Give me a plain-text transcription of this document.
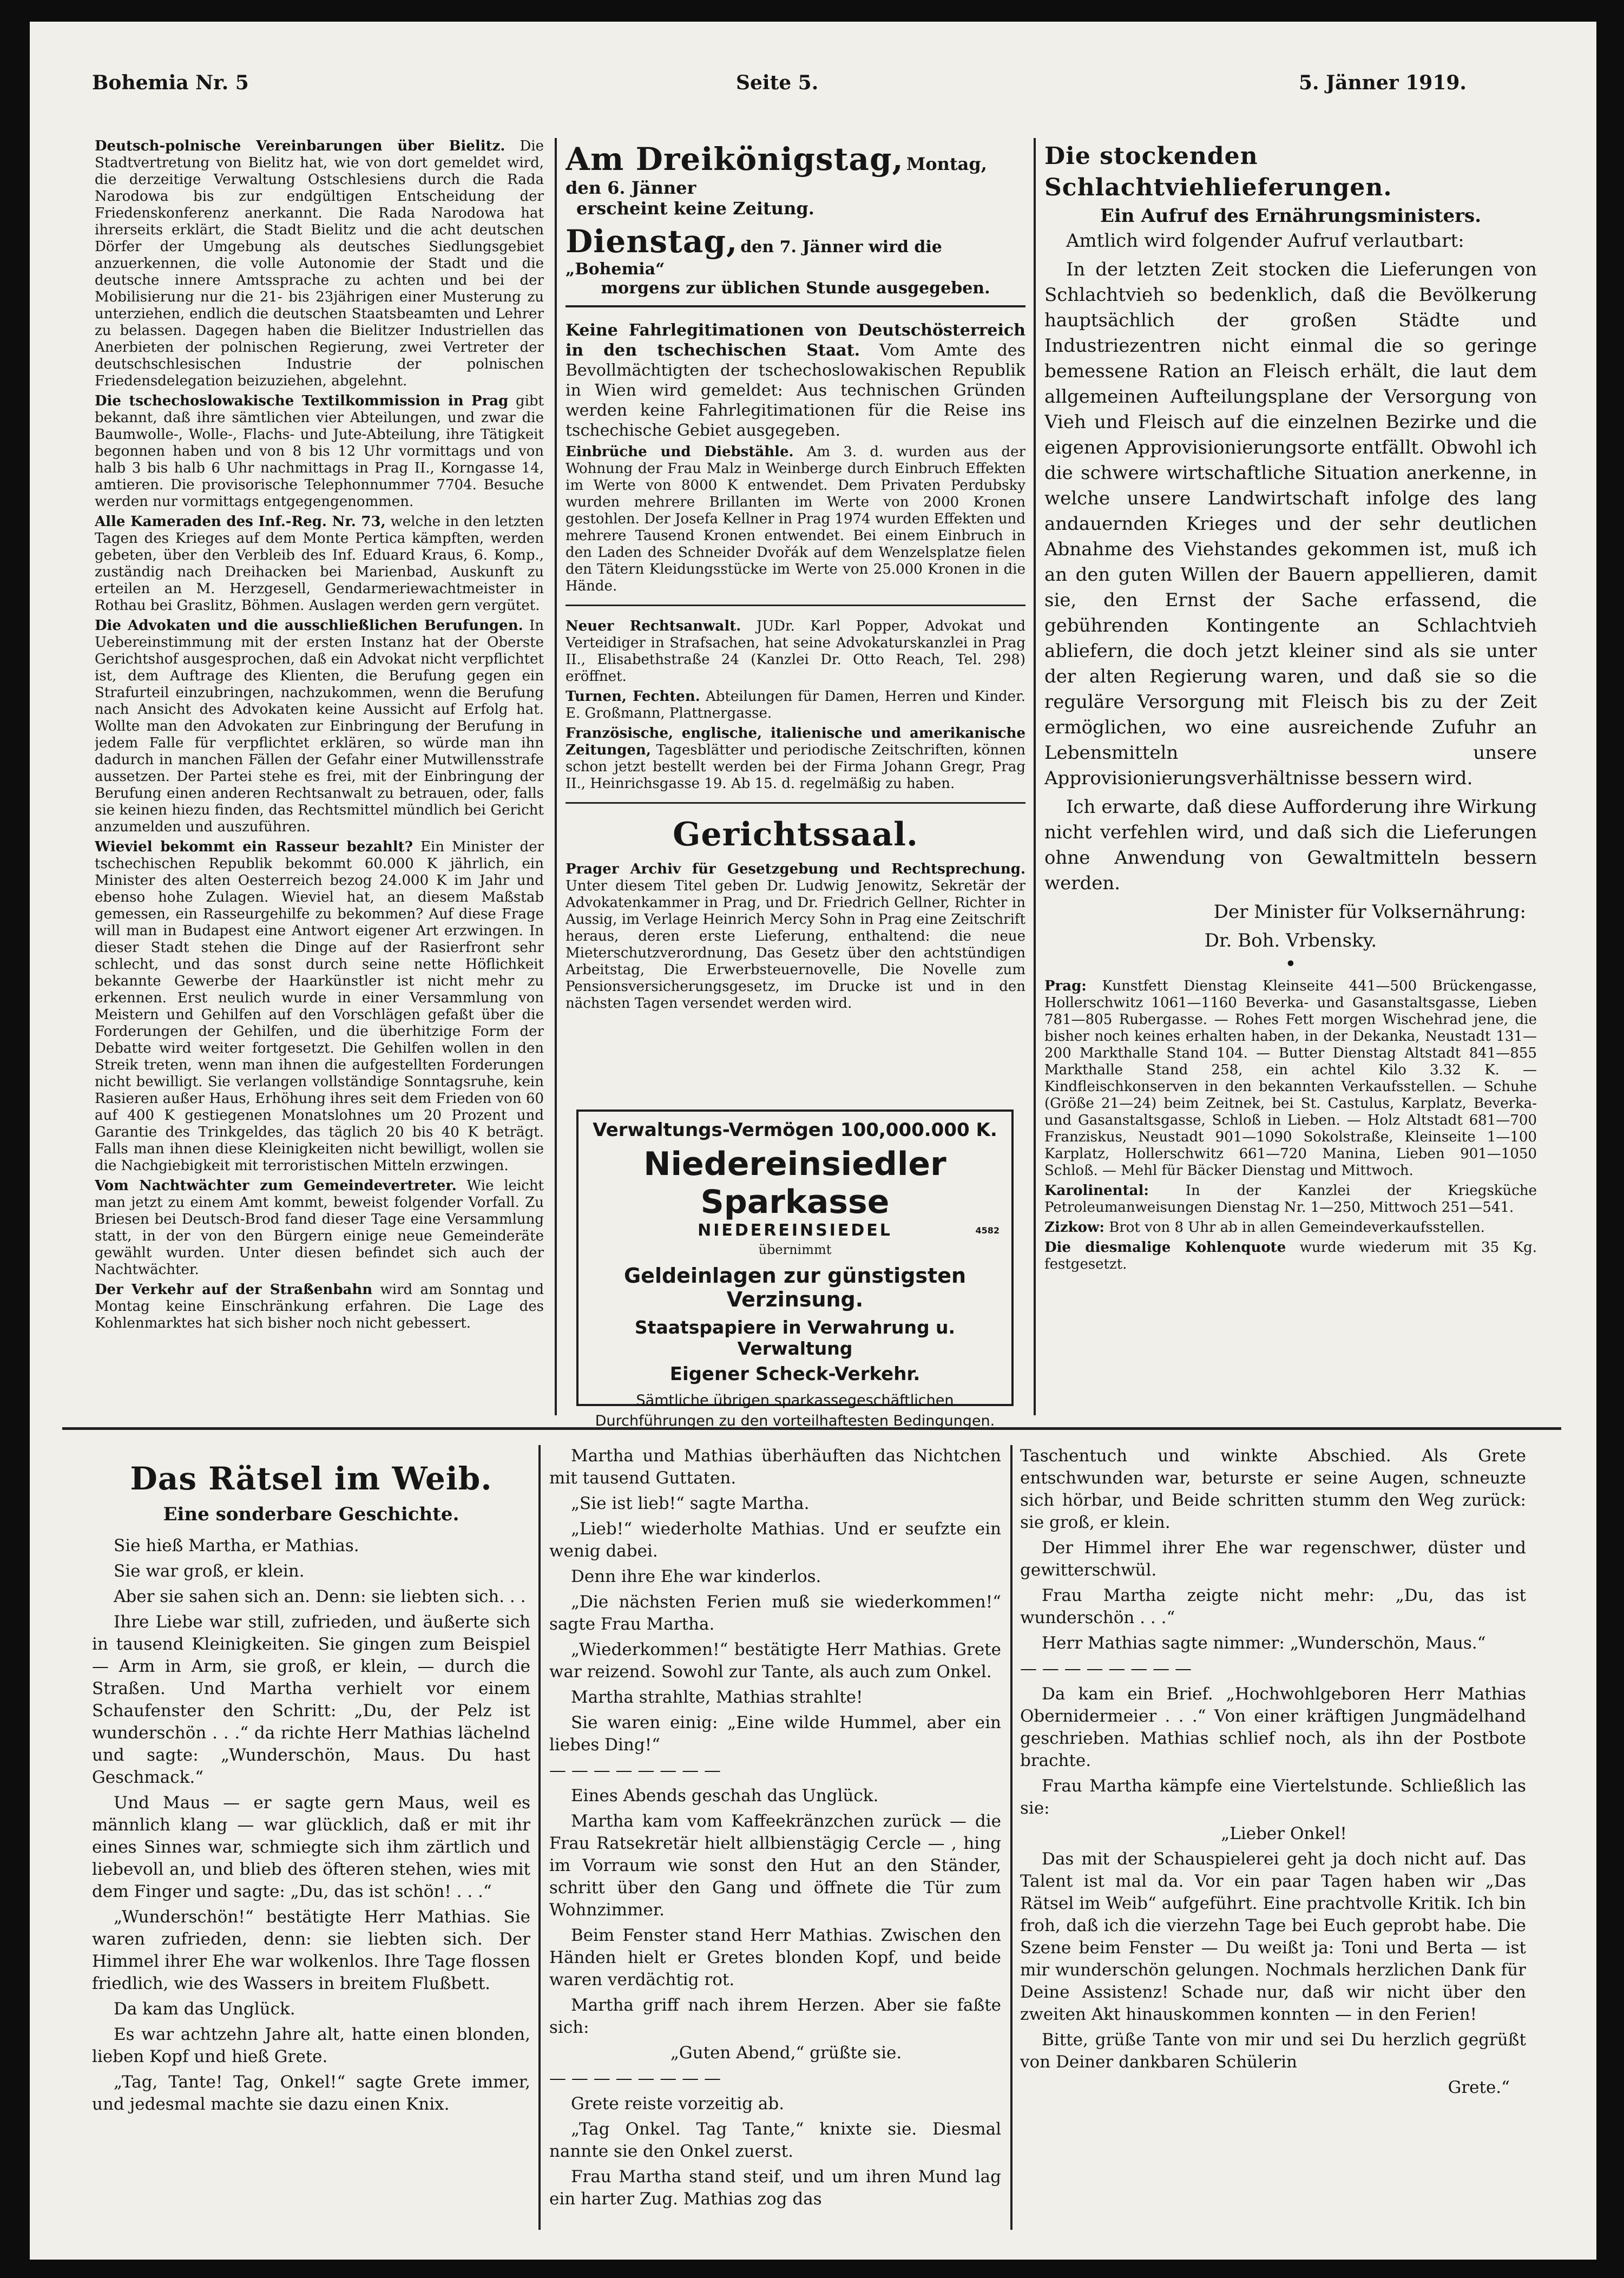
Bohemia Nr. 5	Seite 5.	5. Jänner 1919.

Deutsch-polnische Vereinbarungen über Bielitz. Die Stadtvertretung von Bielitz hat, wie von dort gemeldet wird, die derzeitige Verwaltung Ostschlesiens durch die Rada Narodowa bis zur endgültigen Entscheidung der Friedenskonferenz anerkannt. Die Rada Narodowa hat ihrerseits erklärt, die Stadt Bielitz und die acht deutschen Dörfer der Umgebung als deutsches Siedlungsgebiet anzuerkennen, die volle Autonomie der Stadt und die deutsche innere Amtssprache zu achten und bei der Mobilisierung nur die 21- bis 23jährigen einer Musterung zu unterziehen, endlich die deutschen Staatsbeamten und Lehrer zu belassen. Dagegen haben die Bielitzer Industriellen das Anerbieten der polnischen Regierung, zwei Vertreter der deutschschlesischen Industrie der polnischen Friedensdelegation beizuziehen, abgelehnt.

Die tschechoslowakische Textilkommission in Prag gibt bekannt, daß ihre sämtlichen vier Abteilungen, und zwar die Baumwolle-, Wolle-, Flachs- und Jute-Abteilung, ihre Tätigkeit begonnen haben und von 8 bis 12 Uhr vormittags und von halb 3 bis halb 6 Uhr nachmittags in Prag II., Korngasse 14, amtieren. Die provisorische Telephonnummer 7704. Besuche werden nur vormittags entgegengenommen.

Alle Kameraden des Inf.-Reg. Nr. 73, welche in den letzten Tagen des Krieges auf dem Monte Pertica kämpften, werden gebeten, über den Verbleib des Inf. Eduard Kraus, 6. Komp., zuständig nach Dreihacken bei Marienbad, Auskunft zu erteilen an M. Herzgesell, Gendarmeriewachtmeister in Rothau bei Graslitz, Böhmen. Auslagen werden gern vergütet.

Die Advokaten und die ausschließlichen Berufungen. In Uebereinstimmung mit der ersten Instanz hat der Oberste Gerichtshof ausgesprochen, daß ein Advokat nicht verpflichtet ist, dem Auftrage des Klienten, die Berufung gegen ein Strafurteil einzubringen, nachzukommen, wenn die Berufung nach Ansicht des Advokaten keine Aussicht auf Erfolg hat. Wollte man den Advokaten zur Einbringung der Berufung in jedem Falle für verpflichtet erklären, so würde man ihn dadurch in manchen Fällen der Gefahr einer Mutwillensstrafe aussetzen. Der Partei stehe es frei, mit der Einbringung der Berufung einen anderen Rechtsanwalt zu betrauen, oder, falls sie keinen hiezu finden, das Rechtsmittel mündlich bei Gericht anzumelden und auszuführen.

Wieviel bekommt ein Rasseur bezahlt? Ein Minister der tschechischen Republik bekommt 60.000 K jährlich, ein Minister des alten Oesterreich bezog 24.000 K im Jahr und ebenso hohe Zulagen. Wieviel hat, an diesem Maßstab gemessen, ein Rasseurgehilfe zu bekommen? Auf diese Frage will man in Budapest eine Antwort eigener Art erzwingen. In dieser Stadt stehen die Dinge auf der Rasierfront sehr schlecht, und das sonst durch seine nette Höflichkeit bekannte Gewerbe der Haarkünstler ist nicht mehr zu erkennen. Erst neulich wurde in einer Versammlung von Meistern und Gehilfen auf den Vorschlägen gefaßt über die Forderungen der Gehilfen, und die überhitzige Form der Debatte wird weiter fortgesetzt. Die Gehilfen wollen in den Streik treten, wenn man ihnen die aufgestellten Forderungen nicht bewilligt. Sie verlangen vollständige Sonntagsruhe, kein Rasieren außer Haus, Erhöhung ihres seit dem Frieden von 60 auf 400 K gestiegenen Monatslohnes um 20 Prozent und Garantie des Trinkgeldes, das täglich 20 bis 40 K beträgt. Falls man ihnen diese Kleinigkeiten nicht bewilligt, wollen sie die Nachgiebigkeit mit terroristischen Mitteln erzwingen.

Vom Nachtwächter zum Gemeindevertreter. Wie leicht man jetzt zu einem Amt kommt, beweist folgender Vorfall. Zu Briesen bei Deutsch-Brod fand dieser Tage eine Versammlung statt, in der von den Bürgern einige neue Gemeinderäte gewählt wurden. Unter diesen befindet sich auch der Nachtwächter.

Der Verkehr auf der Straßenbahn wird am Sonntag und Montag keine Einschränkung erfahren. Die Lage des Kohlenmarktes hat sich bisher noch nicht gebessert.

Am Dreikönigstag, Montag, den 6. Jänner
erscheint keine Zeitung.
Dienstag, den 7. Jänner wird die „Bohemia“
morgens zur üblichen Stunde ausgegeben.

Keine Fahrlegitimationen von Deutschösterreich in den tschechischen Staat. Vom Amte des Bevollmächtigten der tschechoslowakischen Republik in Wien wird gemeldet: Aus technischen Gründen werden keine Fahrlegitimationen für die Reise ins tschechische Gebiet ausgegeben.

Einbrüche und Diebstähle. Am 3. d. wurden aus der Wohnung der Frau Malz in Weinberge durch Einbruch Effekten im Werte von 8000 K entwendet. Dem Privaten Perdubsky wurden mehrere Brillanten im Werte von 2000 Kronen gestohlen. Der Josefa Kellner in Prag 1974 wurden Effekten und mehrere Tausend Kronen entwendet. Bei einem Einbruch in den Laden des Schneider Dvořák auf dem Wenzelsplatze fielen den Tätern Kleidungsstücke im Werte von 25.000 Kronen in die Hände.

Neuer Rechtsanwalt. JUDr. Karl Popper, Advokat und Verteidiger in Strafsachen, hat seine Advokaturskanzlei in Prag II., Elisabethstraße 24 (Kanzlei Dr. Otto Reach, Tel. 298) eröffnet.

Turnen, Fechten. Abteilungen für Damen, Herren und Kinder. E. Großmann, Plattnergasse.

Französische, englische, italienische und amerikanische Zeitungen, Tagesblätter und periodische Zeitschriften, können schon jetzt bestellt werden bei der Firma Johann Gregr, Prag II., Heinrichsgasse 19. Ab 15. d. regelmäßig zu haben.

Gerichtssaal.

Prager Archiv für Gesetzgebung und Rechtsprechung. Unter diesem Titel geben Dr. Ludwig Jenowitz, Sekretär der Advokatenkammer in Prag, und Dr. Friedrich Gellner, Richter in Aussig, im Verlage Heinrich Mercy Sohn in Prag eine Zeitschrift heraus, deren erste Lieferung, enthaltend: die neue Mieterschutzverordnung, Das Gesetz über den achtstündigen Arbeitstag, Die Erwerbsteuernovelle, Die Novelle zum Pensionsversicherungsgesetz, im Drucke ist und in den nächsten Tagen versendet werden wird.

Verwaltungs-Vermögen 100,000.000 K.
Niedereinsiedler Sparkasse
NIEDEREINSIEDEL	4582
übernimmt
Geldeinlagen zur günstigsten Verzinsung.
Staatspapiere in Verwahrung u. Verwaltung
Eigener Scheck-Verkehr.
Sämtliche übrigen sparkassegeschäftlichen Durchführungen zu den vorteilhaftesten Bedingungen.
Die stockenden Schlachtviehlieferungen.
Ein Aufruf des Ernährungsministers.

Amtlich wird folgender Aufruf verlautbart:

In der letzten Zeit stocken die Lieferungen von Schlachtvieh so bedenklich, daß die Bevölkerung hauptsächlich der großen Städte und Industriezentren nicht einmal die so geringe bemessene Ration an Fleisch erhält, die laut dem allgemeinen Aufteilungsplane der Versorgung von Vieh und Fleisch auf die einzelnen Bezirke und die eigenen Approvisionierungsorte entfällt. Obwohl ich die schwere wirtschaftliche Situation anerkenne, in welche unsere Landwirtschaft infolge des lang andauernden Krieges und der sehr deutlichen Abnahme des Viehstandes gekommen ist, muß ich an den guten Willen der Bauern appellieren, damit sie, den Ernst der Sache erfassend, die gebührenden Kontingente an Schlachtvieh abliefern, die doch jetzt kleiner sind als sie unter der alten Regierung waren, und daß sie so die reguläre Versorgung mit Fleisch bis zu der Zeit ermöglichen, wo eine ausreichende Zufuhr an Lebensmitteln unsere Approvisionierungsverhältnisse bessern wird.

Ich erwarte, daß diese Aufforderung ihre Wirkung nicht verfehlen wird, und daß sich die Lieferungen ohne Anwendung von Gewaltmitteln bessern werden.

Der Minister für Volksernährung:

Dr. Boh. Vrbensky.

•

Prag: Kunstfett Dienstag Kleinseite 441—500 Brückengasse, Hollerschwitz 1061—1160 Beverka- und Gasanstaltsgasse, Lieben 781—805 Rubergasse. — Rohes Fett morgen Wischehrad jene, die bisher noch keines erhalten haben, in der Dekanka, Neustadt 131—200 Markthalle Stand 104. — Butter Dienstag Altstadt 841—855 Markthalle Stand 258, ein achtel Kilo 3.32 K. — Kindfleischkonserven in den bekannten Verkaufsstellen. — Schuhe (Größe 21—24) beim Zeitnek, bei St. Castulus, Karplatz, Beverka- und Gasanstaltsgasse, Schloß in Lieben. — Holz Altstadt 681—700 Franziskus, Neustadt 901—1090 Sokolstraße, Kleinseite 1—100 Karplatz, Hollerschwitz 661—720 Manina, Lieben 901—1050 Schloß. — Mehl für Bäcker Dienstag und Mittwoch.

Karolinental:	In der Kanzlei der Kriegsküche Petroleumanweisungen Dienstag Nr. 1—250, Mittwoch 251—541.

Zizkow: Brot von 8 Uhr ab in allen Gemeindeverkaufsstellen.

Die diesmalige Kohlenquote wurde wiederum mit 35 Kg. festgesetzt.

Das Rätsel im Weib.
Eine sonderbare Geschichte.

Sie hieß Martha, er Mathias.

Sie war groß, er klein.

Aber sie sahen sich an. Denn: sie liebten sich. . .

Ihre Liebe war still, zufrieden, und äußerte sich in tausend Kleinigkeiten. Sie gingen zum Beispiel — Arm in Arm, sie groß, er klein, — durch die Straßen. Und Martha verhielt vor einem Schaufenster den Schritt: „Du, der Pelz ist wunderschön . . .“ da richte Herr Mathias lächelnd und sagte: „Wunderschön, Maus. Du hast Geschmack.“

Und Maus — er sagte gern Maus, weil es männlich klang — war glücklich, daß er mit ihr eines Sinnes war, schmiegte sich ihm zärtlich und liebevoll an, und blieb des öfteren stehen, wies mit dem Finger und sagte: „Du, das ist schön! . . .“

„Wunderschön!“ bestätigte Herr Mathias. Sie waren zufrieden, denn: sie liebten sich. Der Himmel ihrer Ehe war wolkenlos. Ihre Tage flossen friedlich, wie des Wassers in breitem Flußbett.

Da kam das Unglück.

Es war achtzehn Jahre alt, hatte einen blonden, lieben Kopf und hieß Grete.

„Tag, Tante! Tag, Onkel!“ sagte Grete immer, und jedesmal machte sie dazu einen Knix.

Martha und Mathias überhäuften das Nichtchen mit tausend Guttaten.

„Sie ist lieb!“ sagte Martha.

„Lieb!“ wiederholte Mathias. Und er seufzte ein wenig dabei.

Denn ihre Ehe war kinderlos.

„Die nächsten Ferien muß sie wiederkommen!“ sagte Frau Martha.

„Wiederkommen!“ bestätigte Herr Mathias. Grete war reizend. Sowohl zur Tante, als auch zum Onkel.

Martha strahlte, Mathias strahlte!

Sie waren einig: „Eine wilde Hummel, aber ein liebes Ding!“

— — — — — — — —

Eines Abends geschah das Unglück.

Martha kam vom Kaffeekränzchen zurück — die Frau Ratsekretär hielt allbienstägig Cercle — , hing im Vorraum wie sonst den Hut an den Ständer, schritt über den Gang und öffnete die Tür zum Wohnzimmer.

Beim Fenster stand Herr Mathias. Zwischen den Händen hielt er Gretes blonden Kopf, und beide waren verdächtig rot.

Martha griff nach ihrem Herzen. Aber sie faßte sich:

„Guten Abend,“ grüßte sie.

— — — — — — — —

Grete reiste vorzeitig ab.

„Tag Onkel. Tag Tante,“ knixte sie. Diesmal nannte sie den Onkel zuerst.

Frau Martha stand steif, und um ihren Mund lag ein harter Zug. Mathias zog das

Taschentuch und winkte Abschied. Als Grete entschwunden war, beturste er seine Augen, schneuzte sich hörbar, und Beide schritten stumm den Weg zurück: sie groß, er klein.

Der Himmel ihrer Ehe war regenschwer, düster und gewitterschwül.

Frau Martha zeigte nicht mehr: „Du, das ist wunderschön . . .“

Herr Mathias sagte nimmer: „Wunderschön, Maus.“

— — — — — — — —

Da kam ein Brief. „Hochwohlgeboren Herr Mathias Obernidermeier . . .“ Von einer kräftigen Jungmädelhand geschrieben. Mathias schlief noch, als ihn der Postbote brachte.

Frau Martha kämpfe eine Viertelstunde. Schließlich las sie:

„Lieber Onkel!

Das mit der Schauspielerei geht ja doch nicht auf. Das Talent ist mal da. Vor ein paar Tagen haben wir „Das Rätsel im Weib“ aufgeführt. Eine prachtvolle Kritik. Ich bin froh, daß ich die vierzehn Tage bei Euch geprobt habe. Die Szene beim Fenster — Du weißt ja: Toni und Berta — ist mir wunderschön gelungen. Nochmals herzlichen Dank für Deine Assistenz! Schade nur, daß wir nicht über den zweiten Akt hinauskommen konnten — in den Ferien!

Bitte, grüße Tante von mir und sei Du herzlich gegrüßt von Deiner dankbaren Schülerin

Grete.“
